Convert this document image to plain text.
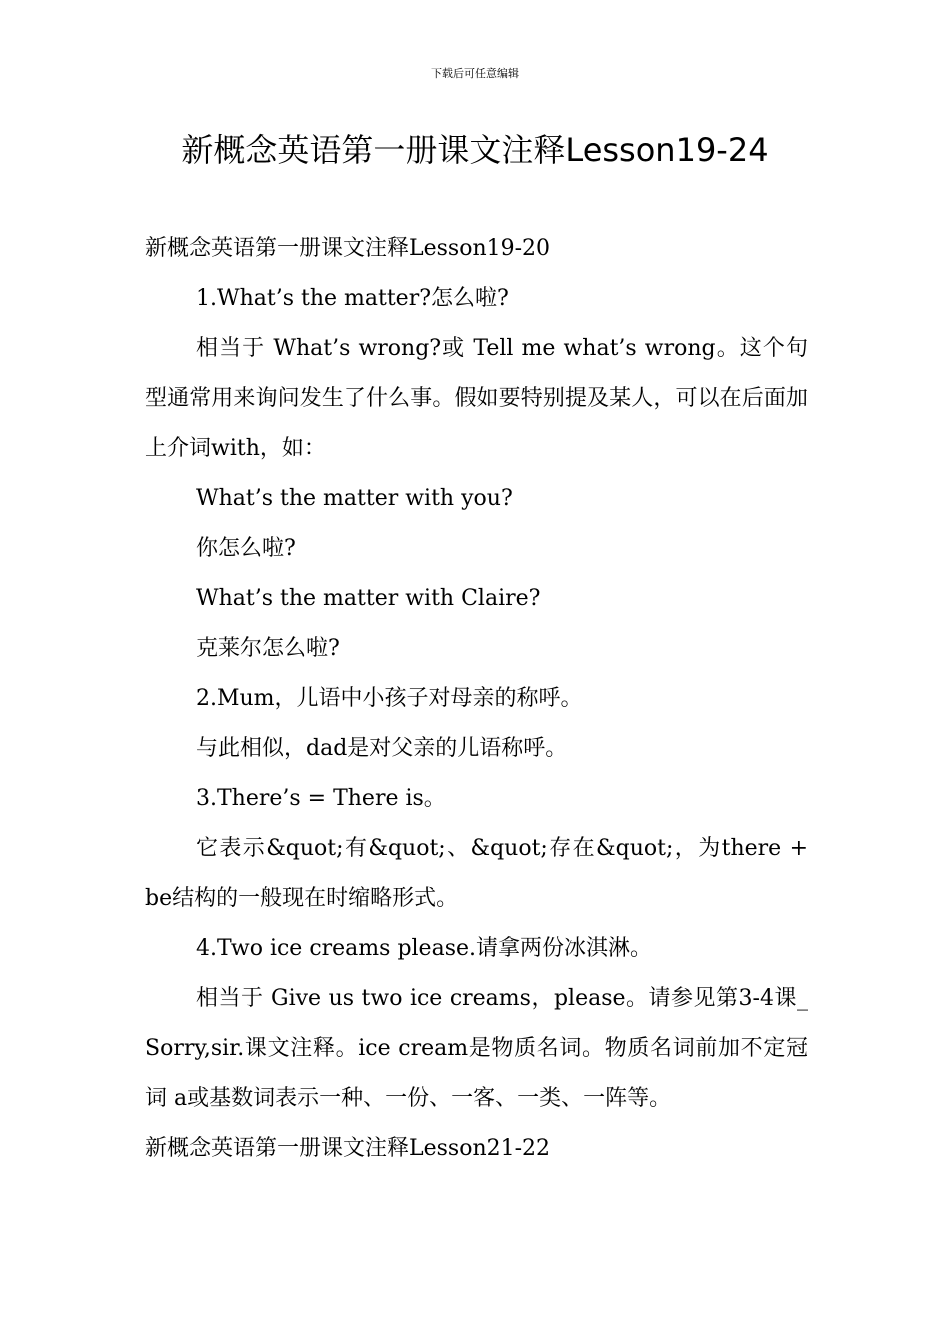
下载后可任意编辑
新概念英语第一册课文注释Lesson19-24

新概念英语第一册课文注释Lesson19-20

1.What’s the matter?怎么啦?

相当于 What’s wrong?或 Tell me what’s wrong。这个句型通常用来询问发生了什么事。假如要特别提及某人，可以在后面加上介词with，如：

What’s the matter with you?

你怎么啦?

What’s the matter with Claire?

克莱尔怎么啦?

2.Mum，儿语中小孩子对母亲的称呼。

与此相似，dad是对父亲的儿语称呼。

3.There’s = There is。

它表示&quot;有&quot;、&quot;存在&quot;，为there + be结构的一般现在时缩略形式。

4.Two ice creams please.请拿两份冰淇淋。

相当于 Give us two ice creams，please。请参见第3-4课_Sorry,sir.课文注释。ice cream是物质名词。物质名词前加不定冠词 a或基数词表示一种、一份、一客、一类、一阵等。

新概念英语第一册课文注释Lesson21-22
